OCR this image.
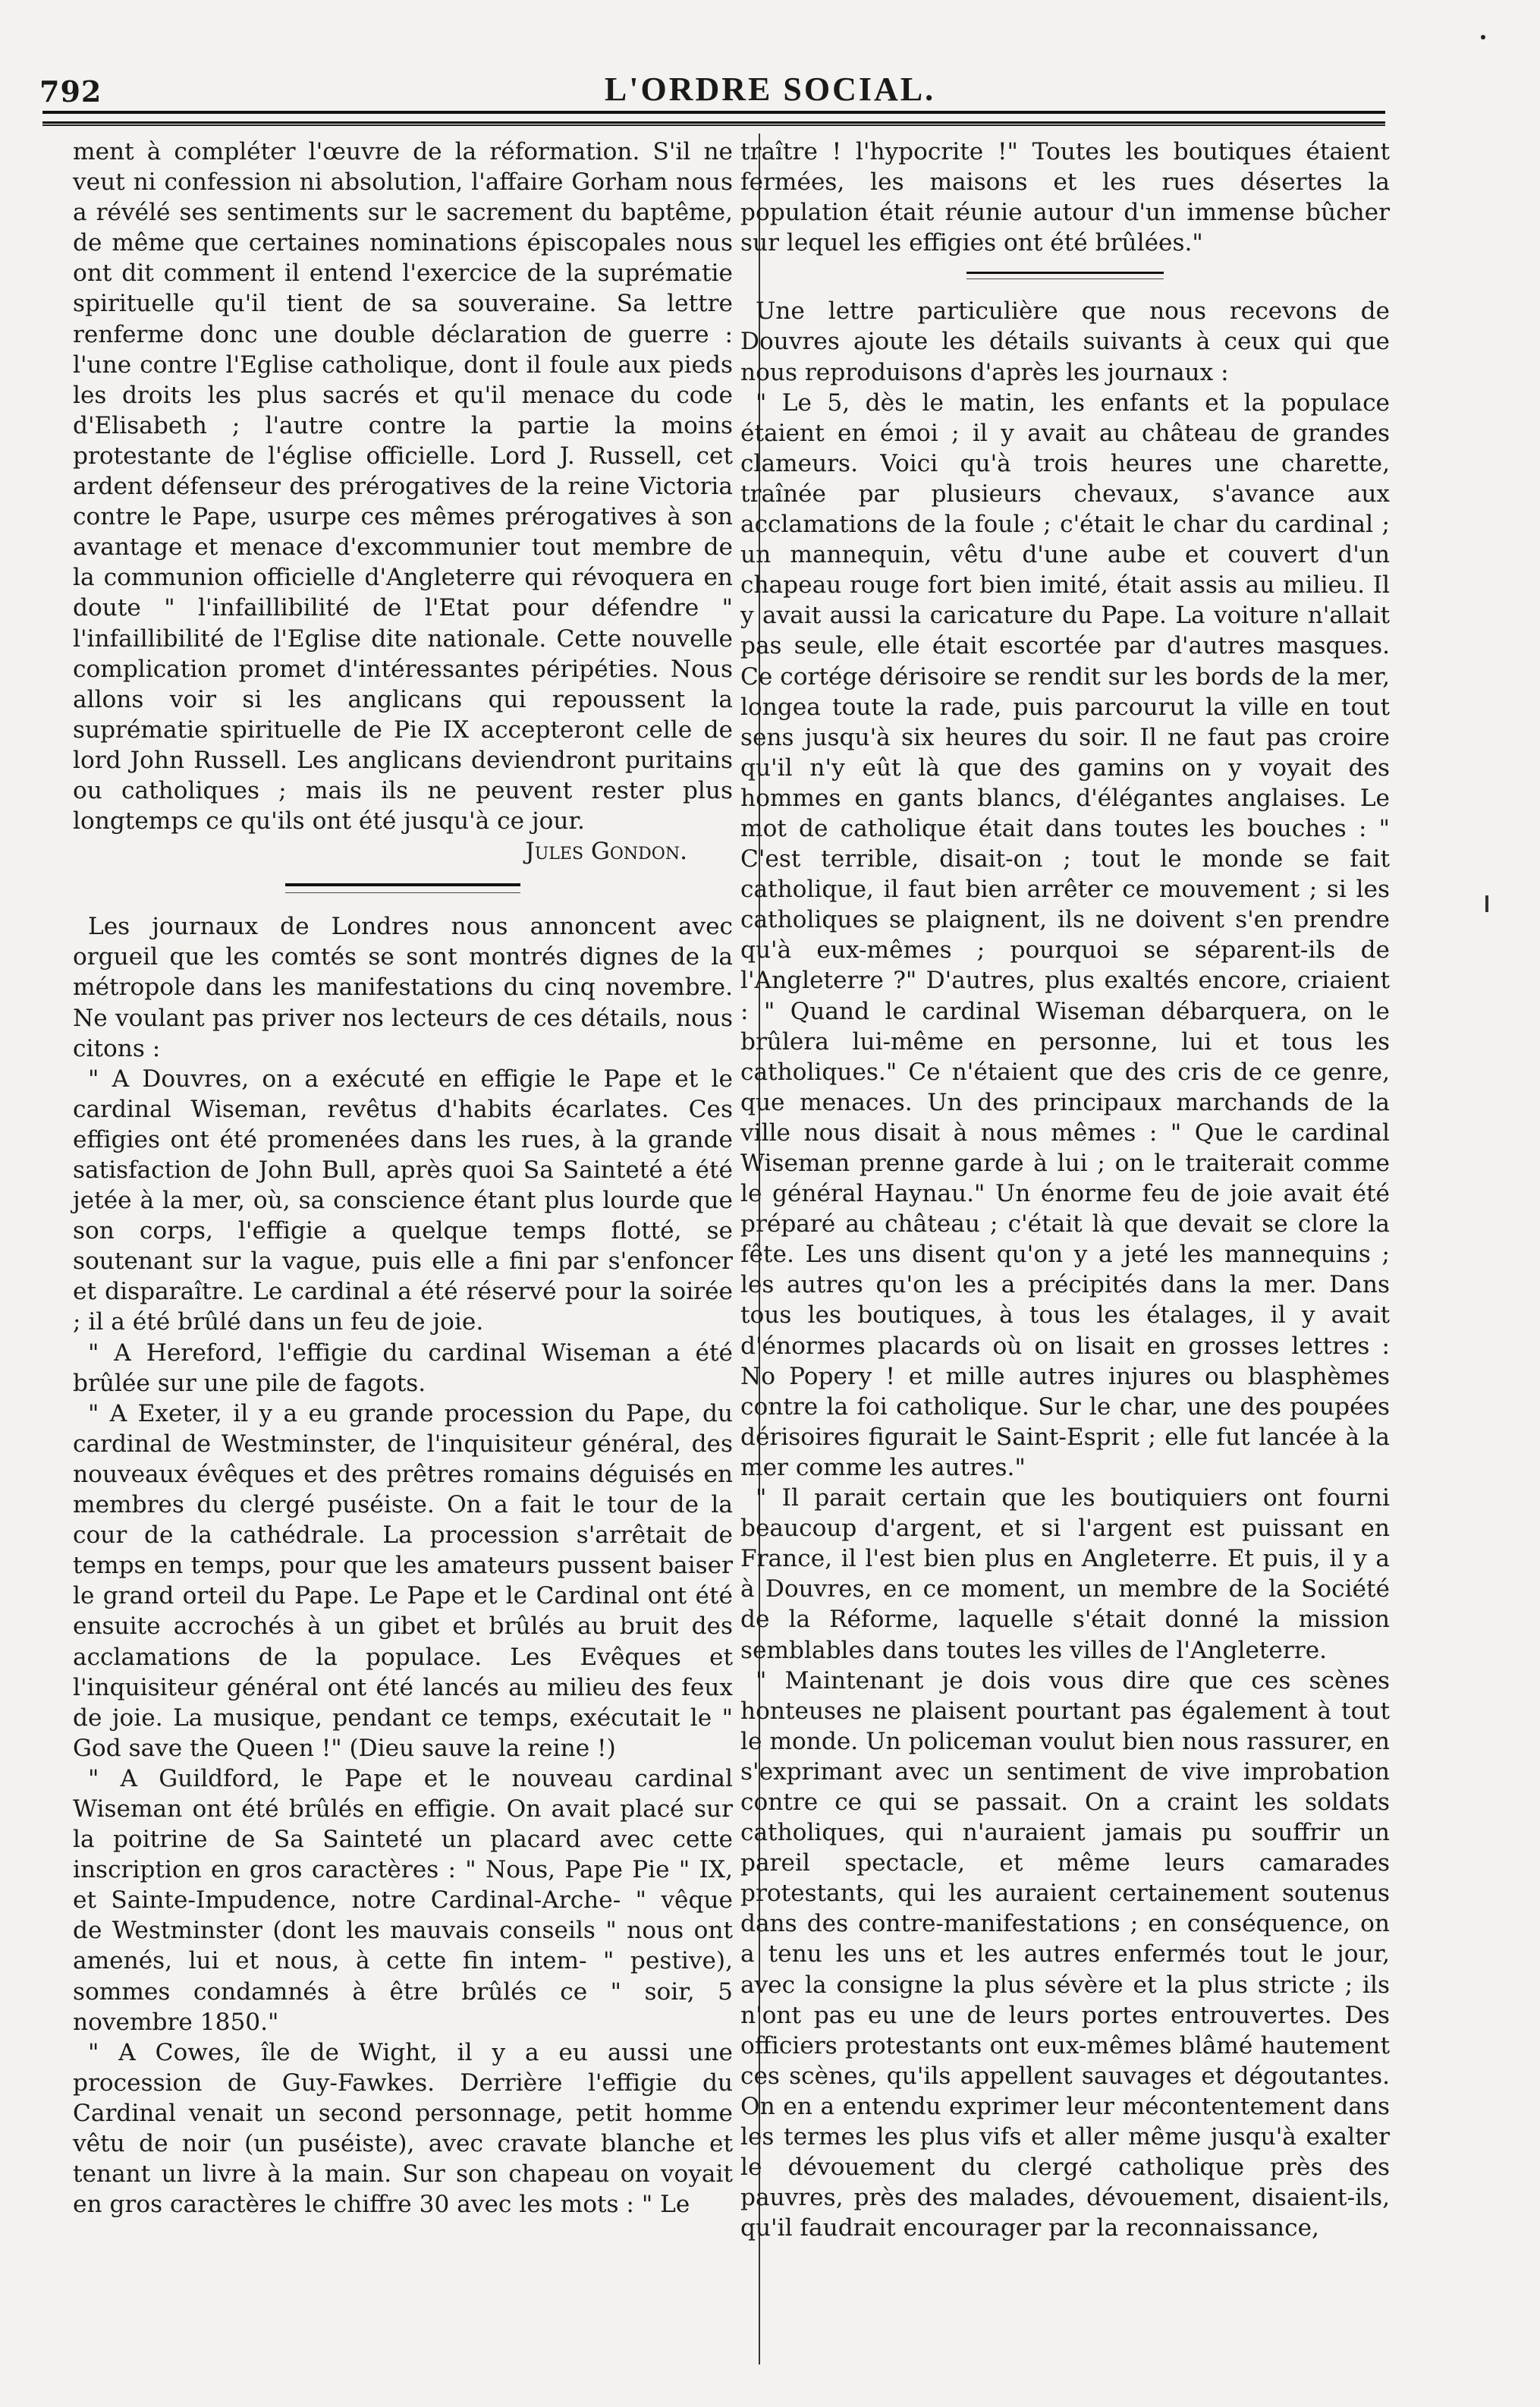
792	L'ORDRE SOCIAL.

ment à compléter l'œuvre de la réformation. S'il ne veut ni confession ni absolution, l'affaire Gorham nous a révélé ses sentiments sur le sacrement du baptême, de même que certaines nominations épiscopales nous ont dit comment il entend l'exercice de la suprématie spirituelle qu'il tient de sa souveraine. Sa lettre renferme donc une double déclaration de guerre : l'une contre l'Eglise catholique, dont il foule aux pieds les droits les plus sacrés et qu'il menace du code d'Elisabeth ; l'autre contre la partie la moins protestante de l'église officielle. Lord J. Russell, cet ardent défenseur des prérogatives de la reine Victoria contre le Pape, usurpe ces mêmes prérogatives à son avantage et menace d'excommunier tout membre de la communion officielle d'Angleterre qui révoquera en doute " l'infaillibilité de l'Etat pour défendre " l'infaillibilité de l'Eglise dite nationale. Cette nouvelle complication promet d'intéressantes péripéties. Nous allons voir si les anglicans qui repoussent la suprématie spirituelle de Pie IX accepteront celle de lord John Russell. Les anglicans deviendront puritains ou catholiques ; mais ils ne peuvent rester plus longtemps ce qu'ils ont été jusqu'à ce jour.

Jules Gondon.

Les journaux de Londres nous annoncent avec orgueil que les comtés se sont montrés dignes de la métropole dans les manifestations du cinq novembre. Ne voulant pas priver nos lecteurs de ces détails, nous citons :

" A Douvres, on a exécuté en effigie le Pape et le cardinal Wiseman, revêtus d'habits écarlates. Ces effigies ont été promenées dans les rues, à la grande satisfaction de John Bull, après quoi Sa Sainteté a été jetée à la mer, où, sa conscience étant plus lourde que son corps, l'effigie a quelque temps flotté, se soutenant sur la vague, puis elle a fini par s'enfoncer et disparaître. Le cardinal a été réservé pour la soirée ; il a été brûlé dans un feu de joie.

" A Hereford, l'effigie du cardinal Wiseman a été brûlée sur une pile de fagots.

" A Exeter, il y a eu grande procession du Pape, du cardinal de Westminster, de l'inquisiteur général, des nouveaux évêques et des prêtres romains déguisés en membres du clergé puséiste. On a fait le tour de la cour de la cathédrale. La procession s'arrêtait de temps en temps, pour que les amateurs pussent baiser le grand orteil du Pape. Le Pape et le Cardinal ont été ensuite accrochés à un gibet et brûlés au bruit des acclamations de la populace. Les Evêques et l'inquisiteur général ont été lancés au milieu des feux de joie. La musique, pendant ce temps, exécutait le " God save the Queen !" (Dieu sauve la reine !)

" A Guildford, le Pape et le nouveau cardinal Wiseman ont été brûlés en effigie. On avait placé sur la poitrine de Sa Sainteté un placard avec cette inscription en gros caractères : " Nous, Pape Pie " IX, et Sainte-Impudence, notre Cardinal-Arche- " vêque de Westminster (dont les mauvais conseils " nous ont amenés, lui et nous, à cette fin intem- " pestive), sommes condamnés à être brûlés ce " soir, 5 novembre 1850."

" A Cowes, île de Wight, il y a eu aussi une procession de Guy-Fawkes. Derrière l'effigie du Cardinal venait un second personnage, petit homme vêtu de noir (un puséiste), avec cravate blanche et tenant un livre à la main. Sur son chapeau on voyait en gros caractères le chiffre 30 avec les mots : " Le

traître ! l'hypocrite !" Toutes les boutiques étaient fermées, les maisons et les rues désertes la population était réunie autour d'un immense bûcher sur lequel les effigies ont été brûlées."

Une lettre particulière que nous recevons de Douvres ajoute les détails suivants à ceux qui que nous reproduisons d'après les journaux :

" Le 5, dès le matin, les enfants et la populace étaient en émoi ; il y avait au château de grandes clameurs. Voici qu'à trois heures une charette, traînée par plusieurs chevaux, s'avance aux acclamations de la foule ; c'était le char du cardinal ; un mannequin, vêtu d'une aube et couvert d'un chapeau rouge fort bien imité, était assis au milieu. Il y avait aussi la caricature du Pape. La voiture n'allait pas seule, elle était escortée par d'autres masques. Ce cortége dérisoire se rendit sur les bords de la mer, longea toute la rade, puis parcourut la ville en tout sens jusqu'à six heures du soir. Il ne faut pas croire qu'il n'y eût là que des gamins on y voyait des hommes en gants blancs, d'élégantes anglaises. Le mot de catholique était dans toutes les bouches : " C'est terrible, disait-on ; tout le monde se fait catholique, il faut bien arrêter ce mouvement ; si les catholiques se plaignent, ils ne doivent s'en prendre qu'à eux-mêmes ; pourquoi se séparent-ils de l'Angleterre ?" D'autres, plus exaltés encore, criaient : " Quand le cardinal Wiseman débarquera, on le brûlera lui-même en personne, lui et tous les catholiques." Ce n'étaient que des cris de ce genre, que menaces. Un des principaux marchands de la ville nous disait à nous mêmes : " Que le cardinal Wiseman prenne garde à lui ; on le traiterait comme le général Haynau." Un énorme feu de joie avait été préparé au château ; c'était là que devait se clore la fête. Les uns disent qu'on y a jeté les mannequins ; les autres qu'on les a précipités dans la mer. Dans tous les boutiques, à tous les étalages, il y avait d'énormes placards où on lisait en grosses lettres : No Popery ! et mille autres injures ou blasphèmes contre la foi catholique. Sur le char, une des poupées dérisoires figurait le Saint-Esprit ; elle fut lancée à la mer comme les autres."

" Il parait certain que les boutiquiers ont fourni beaucoup d'argent, et si l'argent est puissant en France, il l'est bien plus en Angleterre. Et puis, il y a à Douvres, en ce moment, un membre de la Société de la Réforme, laquelle s'était donné la mission semblables dans toutes les villes de l'Angleterre.

" Maintenant je dois vous dire que ces scènes honteuses ne plaisent pourtant pas également à tout le monde. Un policeman voulut bien nous rassurer, en s'exprimant avec un sentiment de vive improbation contre ce qui se passait. On a craint les soldats catholiques, qui n'auraient jamais pu souffrir un pareil spectacle, et même leurs camarades protestants, qui les auraient certainement soutenus dans des contre-manifestations ; en conséquence, on a tenu les uns et les autres enfermés tout le jour, avec la consigne la plus sévère et la plus stricte ; ils n'ont pas eu une de leurs portes entrouvertes. Des officiers protestants ont eux-mêmes blâmé hautement ces scènes, qu'ils appellent sauvages et dégoutantes. On en a entendu exprimer leur mécontentement dans les termes les plus vifs et aller même jusqu'à exalter le dévouement du clergé catholique près des pauvres, près des malades, dévouement, disaient-ils, qu'il faudrait encourager par la reconnaissance,
